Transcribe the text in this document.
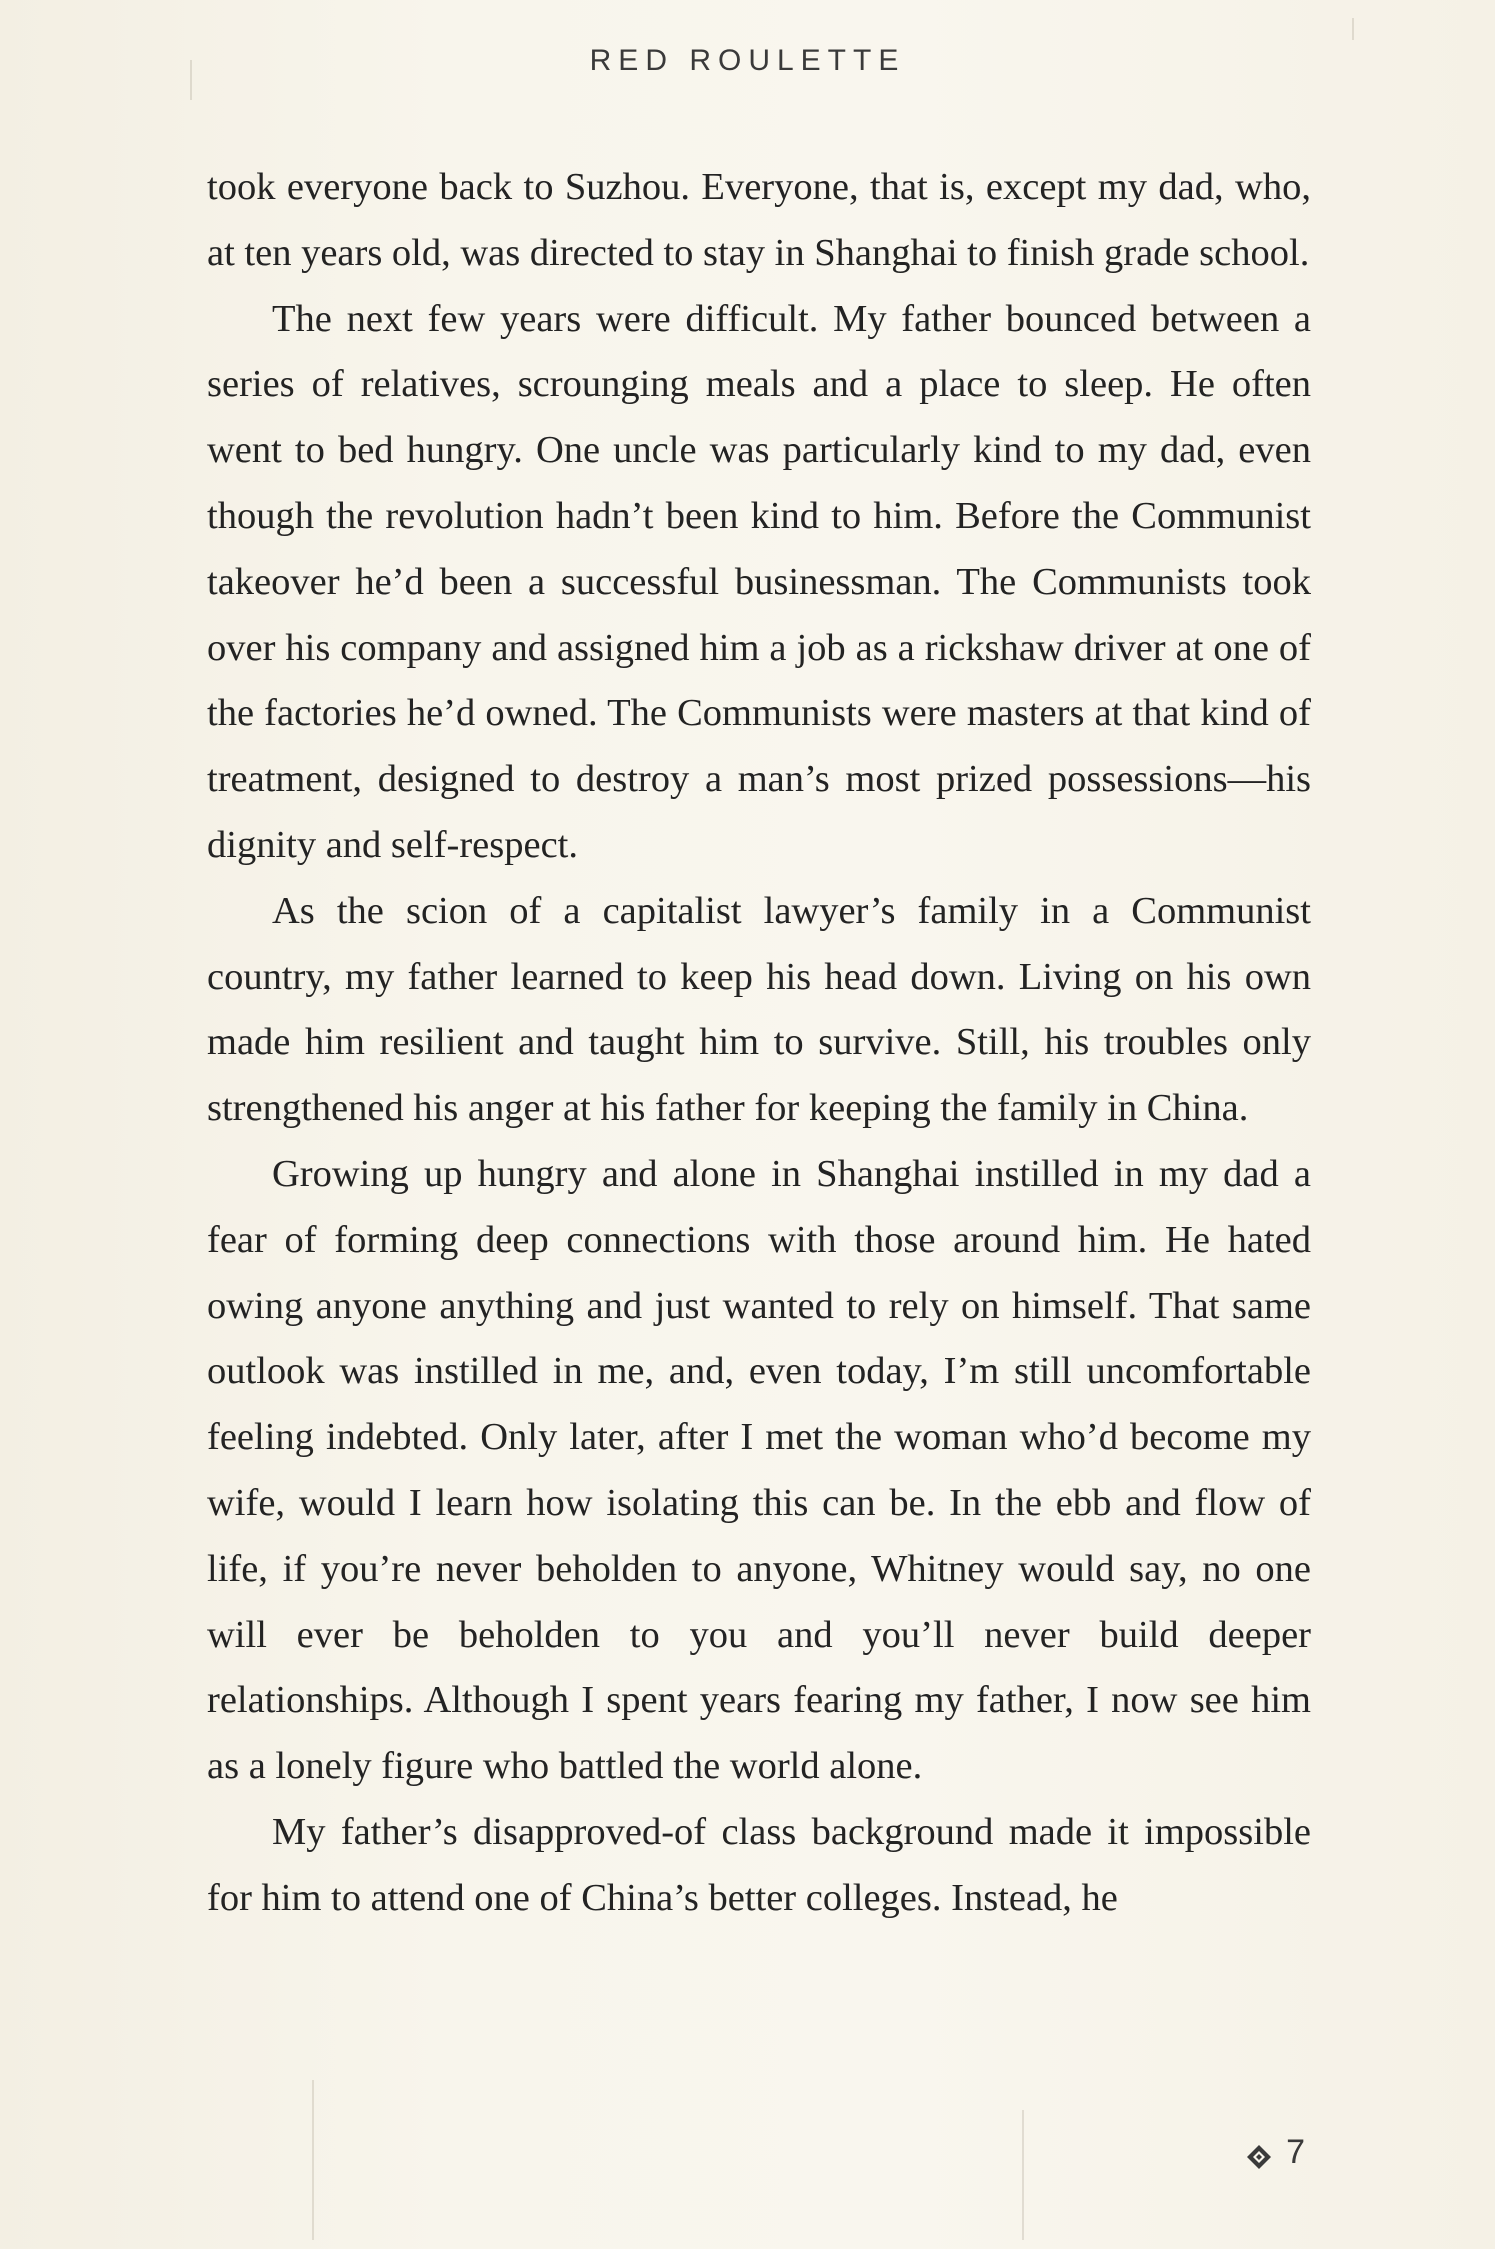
RED ROULETTE

took everyone back to Suzhou. Everyone, that is, except my dad, who, at ten years old, was directed to stay in Shanghai to finish grade school.

The next few years were difficult. My father bounced between a series of relatives, scrounging meals and a place to sleep. He often went to bed hungry. One uncle was particularly kind to my dad, even though the revolution hadn’t been kind to him. Before the Communist takeover he’d been a successful businessman. The Communists took over his company and assigned him a job as a rickshaw driver at one of the factories he’d owned. The Communists were masters at that kind of treatment, designed to destroy a man’s most prized possessions—his dignity and self-respect.

As the scion of a capitalist lawyer’s family in a Communist country, my father learned to keep his head down. Living on his own made him resilient and taught him to survive. Still, his troubles only strengthened his anger at his father for keeping the family in China.

Growing up hungry and alone in Shanghai instilled in my dad a fear of forming deep connections with those around him. He hated owing anyone anything and just wanted to rely on himself. That same outlook was instilled in me, and, even today, I’m still uncomfortable feeling indebted. Only later, after I met the woman who’d become my wife, would I learn how isolating this can be. In the ebb and flow of life, if you’re never beholden to anyone, Whitney would say, no one will ever be beholden to you and you’ll never build deeper relationships. Although I spent years fearing my father, I now see him as a lonely figure who battled the world alone.

My father’s disapproved-of class background made it impossible for him to attend one of China’s better colleges. Instead, he

7
